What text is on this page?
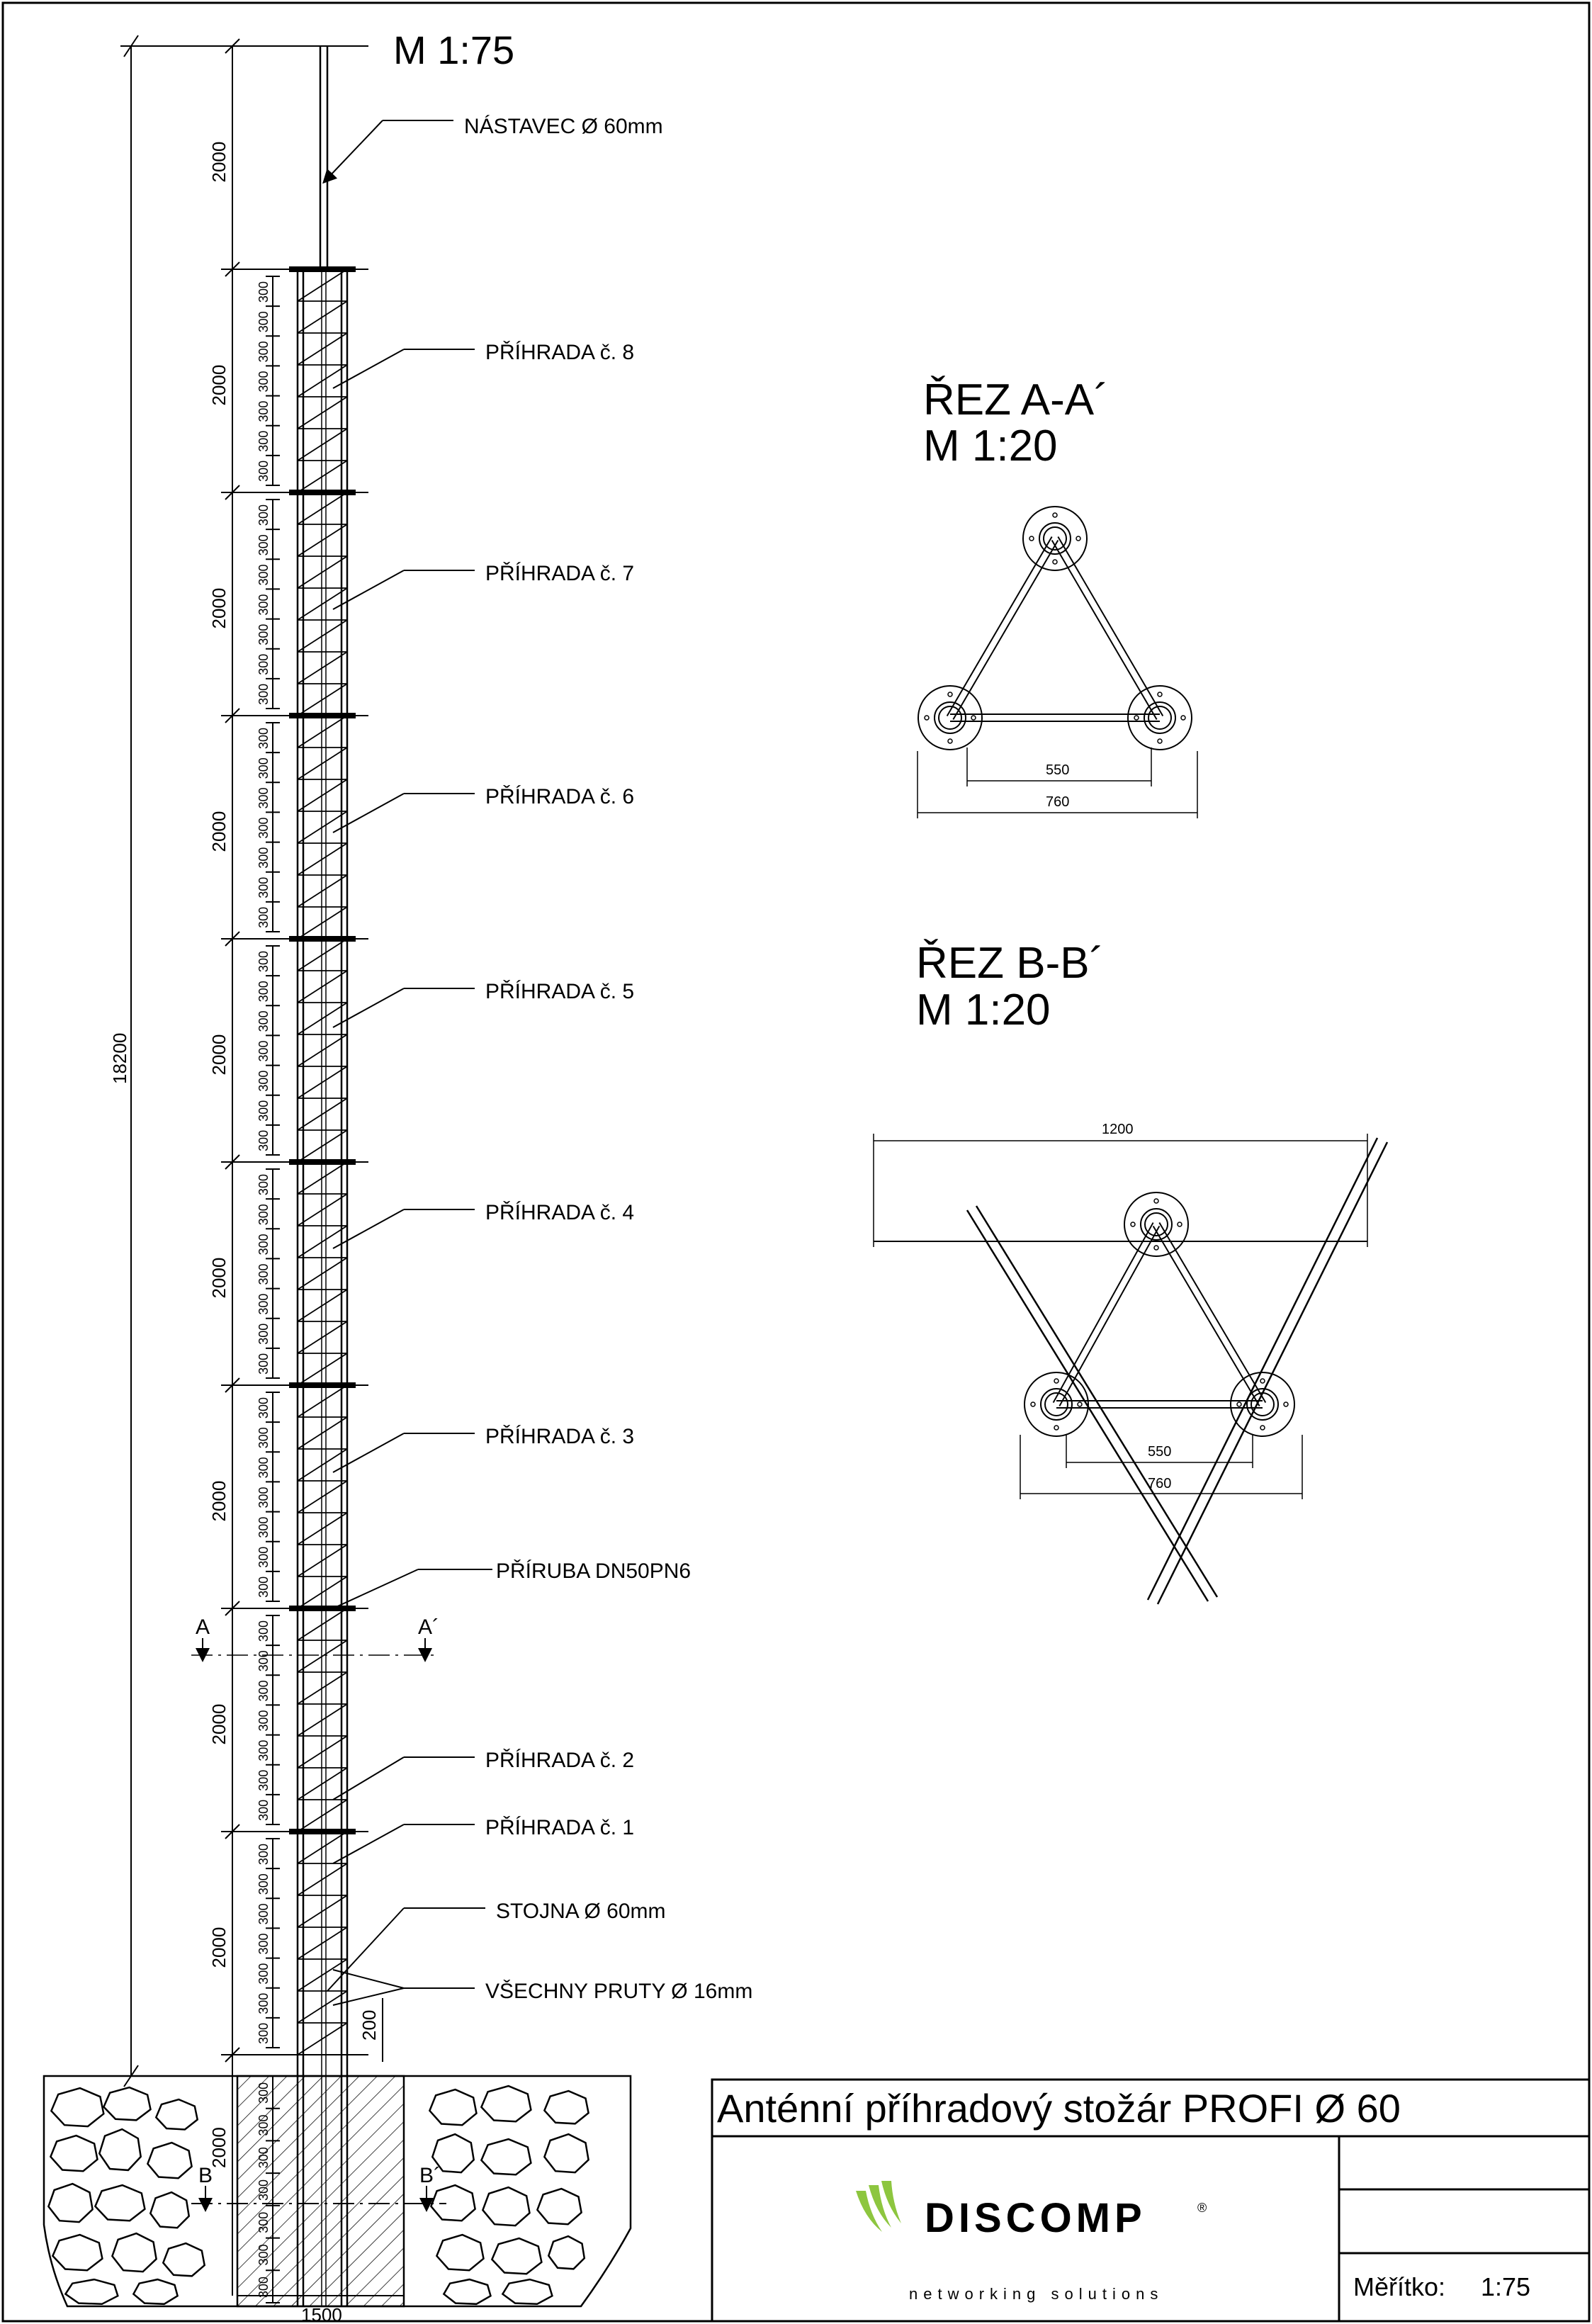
M 1:75
18200
2000
2000
300
300
300
300
300
300
300
2000
300
300
300
300
300
300
300
2000
300
300
300
300
300
300
300
2000
300
300
300
300
300
300
300
2000
300
300
300
300
300
300
300
2000
300
300
300
300
300
300
300
2000
300
300
300
300
300
300
300
2000
300
300
300
300
300
300
300
2000
NÁSTAVEC Ø 60mm
PŘÍHRADA č. 8
PŘÍHRADA č. 7
PŘÍHRADA č. 6
PŘÍHRADA č. 5
PŘÍHRADA č. 4
PŘÍHRADA č. 3
PŘÍRUBA DN50PN6
PŘÍHRADA č. 2
PŘÍHRADA č. 1
STOJNA Ø 60mm
VŠECHNY PRUTY Ø 16mm
A	A´
B	B´
1500
200
ŘEZ A-A´
M 1:20
550
760
ŘEZ B-B´
M 1:20
1200
550
760
Anténní příhradový stožár PROFI Ø 60
DISCOMP	®
networking solutions	Měřítko: 1:75
